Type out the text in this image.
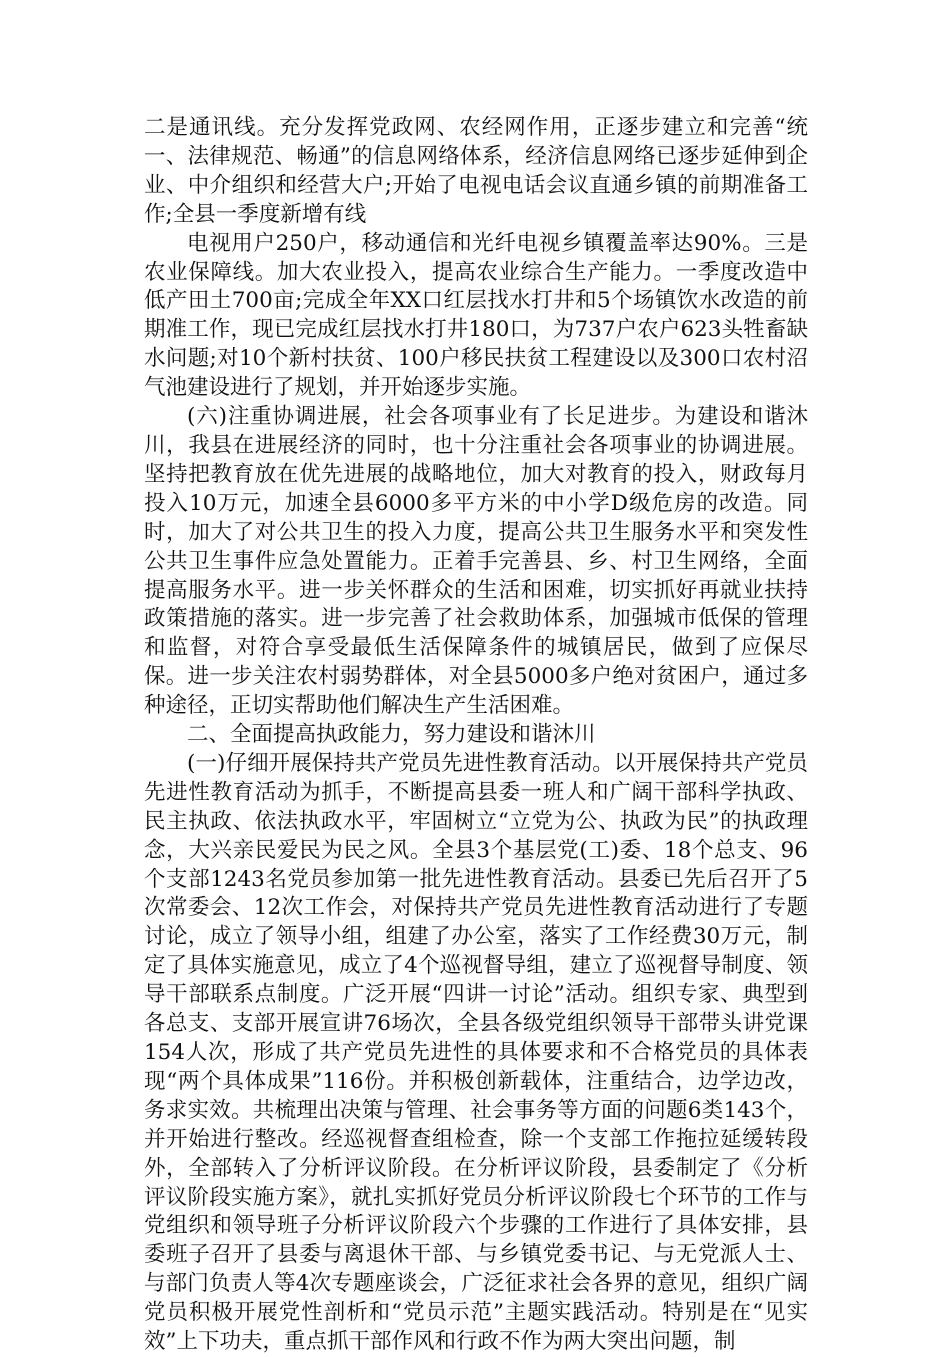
二是通讯线。充分发挥党政网、农经网作用，正逐步建立和完善“统一、法律规范、畅通”的信息网络体系，经济信息网络已逐步延伸到企业、中介组织和经营大户;开始了电视电话会议直通乡镇的前期准备工作;全县一季度新增有线

电视用户250户，移动通信和光纤电视乡镇覆盖率达90%。三是农业保障线。加大农业投入，提高农业综合生产能力。一季度改造中低产田土700亩;完成全年XX口红层找水打井和5个场镇饮水改造的前期准工作，现已完成红层找水打井180口，为737户农户623头牲畜缺水问题;对10个新村扶贫、100户移民扶贫工程建设以及300口农村沼气池建设进行了规划，并开始逐步实施。

(六)注重协调进展，社会各项事业有了长足进步。为建设和谐沐川，我县在进展经济的同时，也十分注重社会各项事业的协调进展。坚持把教育放在优先进展的战略地位，加大对教育的投入，财政每月投入10万元，加速全县6000多平方米的中小学D级危房的改造。同时，加大了对公共卫生的投入力度，提高公共卫生服务水平和突发性公共卫生事件应急处置能力。正着手完善县、乡、村卫生网络，全面提高服务水平。进一步关怀群众的生活和困难，切实抓好再就业扶持政策措施的落实。进一步完善了社会救助体系，加强城市低保的管理和监督，对符合享受最低生活保障条件的城镇居民，做到了应保尽保。进一步关注农村弱势群体，对全县5000多户绝对贫困户，通过多种途径，正切实帮助他们解决生产生活困难。

二、全面提高执政能力，努力建设和谐沐川

(一)仔细开展保持共产党员先进性教育活动。以开展保持共产党员先进性教育活动为抓手，不断提高县委一班人和广阔干部科学执政、民主执政、依法执政水平，牢固树立“立党为公、执政为民”的执政理念，大兴亲民爱民为民之风。全县3个基层党(工)委、18个总支、96个支部1243名党员参加第一批先进性教育活动。县委已先后召开了5次常委会、12次工作会，对保持共产党员先进性教育活动进行了专题讨论，成立了领导小组，组建了办公室，落实了工作经费30万元，制定了具体实施意见，成立了4个巡视督导组，建立了巡视督导制度、领导干部联系点制度。广泛开展“四讲一讨论”活动。组织专家、典型到各总支、支部开展宣讲76场次，全县各级党组织领导干部带头讲党课154人次，形成了共产党员先进性的具体要求和不合格党员的具体表现“两个具体成果”116份。并积极创新载体，注重结合，边学边改，务求实效。共梳理出决策与管理、社会事务等方面的问题6类143个，并开始进行整改。经巡视督查组检查，除一个支部工作拖拉延缓转段外，全部转入了分析评议阶段。在分析评议阶段，县委制定了《分析评议阶段实施方案》，就扎实抓好党员分析评议阶段七个环节的工作与党组织和领导班子分析评议阶段六个步骤的工作进行了具体安排，县委班子召开了县委与离退休干部、与乡镇党委书记、与无党派人士、与部门负责人等4次专题座谈会，广泛征求社会各界的意见，组织广阔党员积极开展党性剖析和“党员示范”主题实践活动。特别是在“见实效”上下功夫，重点抓干部作风和行政不作为两大突出问题，制
